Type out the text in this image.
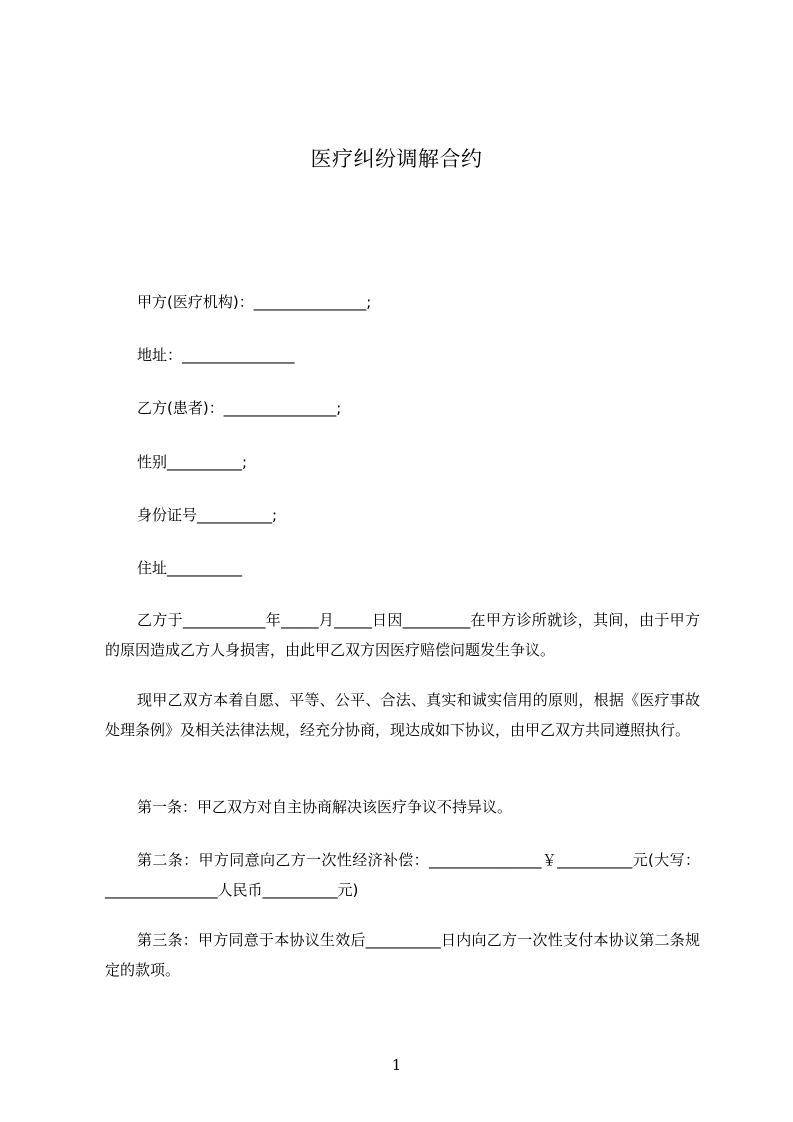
医疗纠纷调解合约
甲方(医疗机构)：_______________;
地址：_______________
乙方(患者)：_______________;
性别__________;
身份证号__________;
住址__________
乙方于___________年_____月_____日因_________在甲方诊所就诊，其间，由于甲方的原因造成乙方人身损害，由此甲乙双方因医疗赔偿问题发生争议。
现甲乙双方本着自愿、平等、公平、合法、真实和诚实信用的原则，根据《医疗事故处理条例》及相关法律法规，经充分协商，现达成如下协议，由甲乙双方共同遵照执行。
第一条：甲乙双方对自主协商解决该医疗争议不持异议。
第二条：甲方同意向乙方一次性经济补偿：_______________￥__________元(大写：_______________人民币__________元)
第三条：甲方同意于本协议生效后__________日内向乙方一次性支付本协议第二条规定的款项。
1
